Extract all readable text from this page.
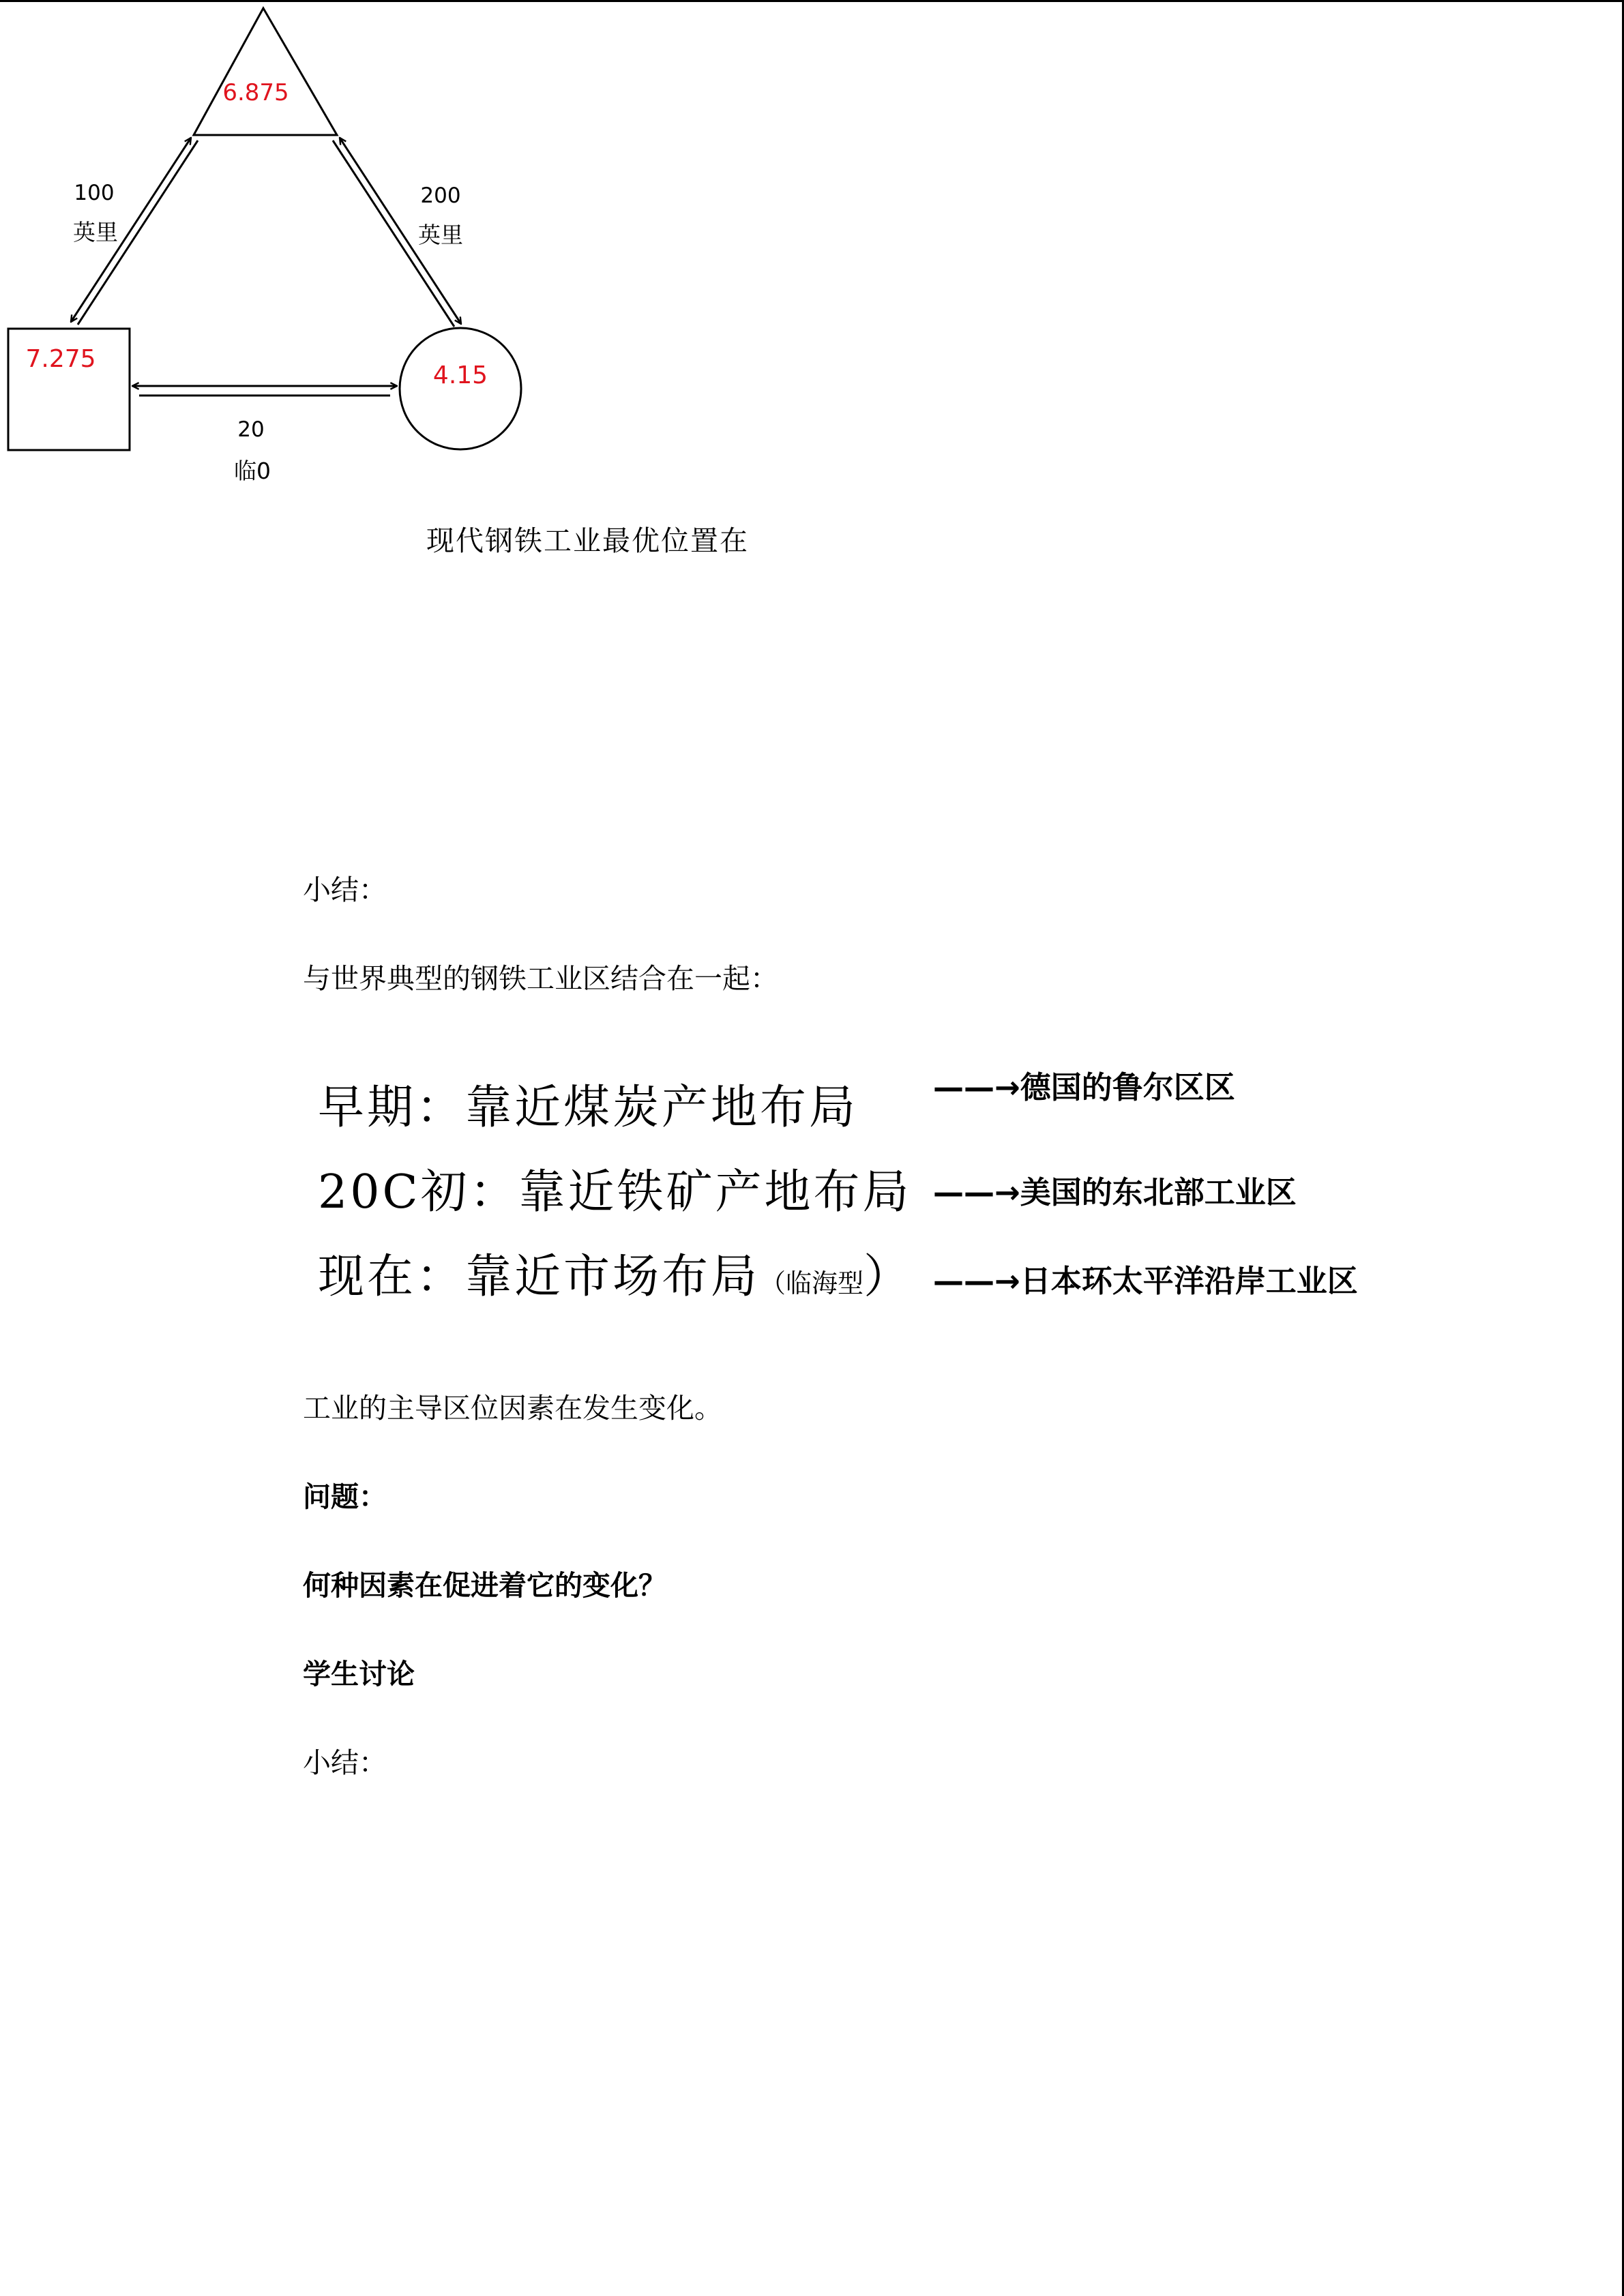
6.875
7.275
4.15
100
英里
200
英里
20
临0
现代钢铁工业最优位置在
小结：
与世界典型的钢铁工业区结合在一起：
早期：靠近煤炭产地布局 ——→德国的鲁尔区区
20C初：靠近铁矿产地布局 ——→美国的东北部工业区
现在：靠近市场布局（临海型） ——→日本环太平洋沿岸工业区
工业的主导区位因素在发生变化。
问题：
何种因素在促进着它的变化？
学生讨论
小结：
